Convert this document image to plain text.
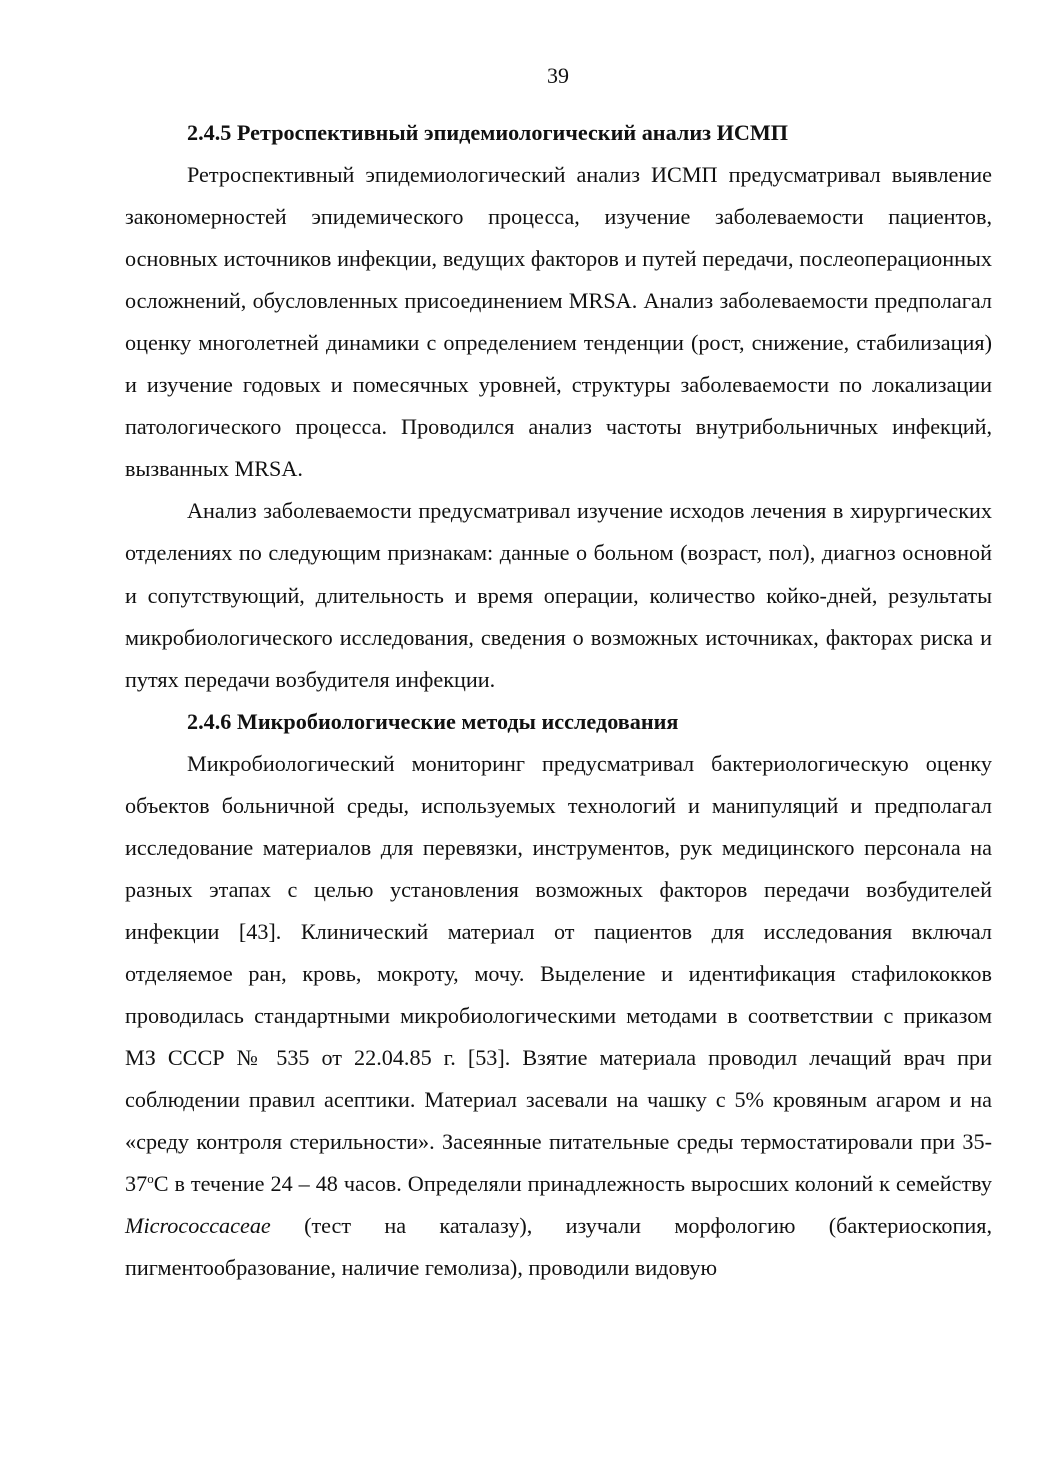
39

2.4.5 Ретроспективный эпидемиологический анализ ИСМП

Ретроспективный эпидемиологический анализ ИСМП предусматривал выявление закономерностей эпидемического процесса, изучение заболеваемости пациентов, основных источников инфекции, ведущих факторов и путей передачи, послеоперационных осложнений, обусловленных присоединением MRSA. Анализ заболеваемости предполагал оценку многолетней динамики с определением тенденции (рост, снижение, стабилизация) и изучение годовых и помесячных уровней, структуры заболеваемости по локализации патологического процесса. Проводился анализ частоты внутрибольничных инфекций, вызванных MRSA.

Анализ заболеваемости предусматривал изучение исходов лечения в хирургических отделениях по следующим признакам: данные о больном (возраст, пол), диагноз основной и сопутствующий, длительность и время операции, количество койко-дней, результаты микробиологического исследования, сведения о возможных источниках, факторах риска и путях передачи возбудителя инфекции.

2.4.6 Микробиологические методы исследования

Микробиологический мониторинг предусматривал бактериологическую оценку объектов больничной среды, используемых технологий и манипуляций и предполагал исследование материалов для перевязки, инструментов, рук медицинского персонала на разных этапах с целью установления возможных факторов передачи возбудителей инфекции [43]. Клинический материал от пациентов для исследования включал отделяемое ран, кровь, мокроту, мочу. Выделение и идентификация стафилококков проводилась стандартными микробиологическими методами в соответствии с приказом МЗ СССР № 535 от 22.04.85 г. [53]. Взятие материала проводил лечащий врач при соблюдении правил асептики. Материал засевали на чашку с 5% кровяным агаром и на «среду контроля стерильности». Засеянные питательные среды термостатировали при 35-37$^o$С в течение 24 – 48 часов. Определяли принадлежность выросших колоний к семейству Micrococcaceae (тест на каталазу), изучали морфологию (бактериоскопия, пигментообразование, наличие гемолиза), проводили видовую
